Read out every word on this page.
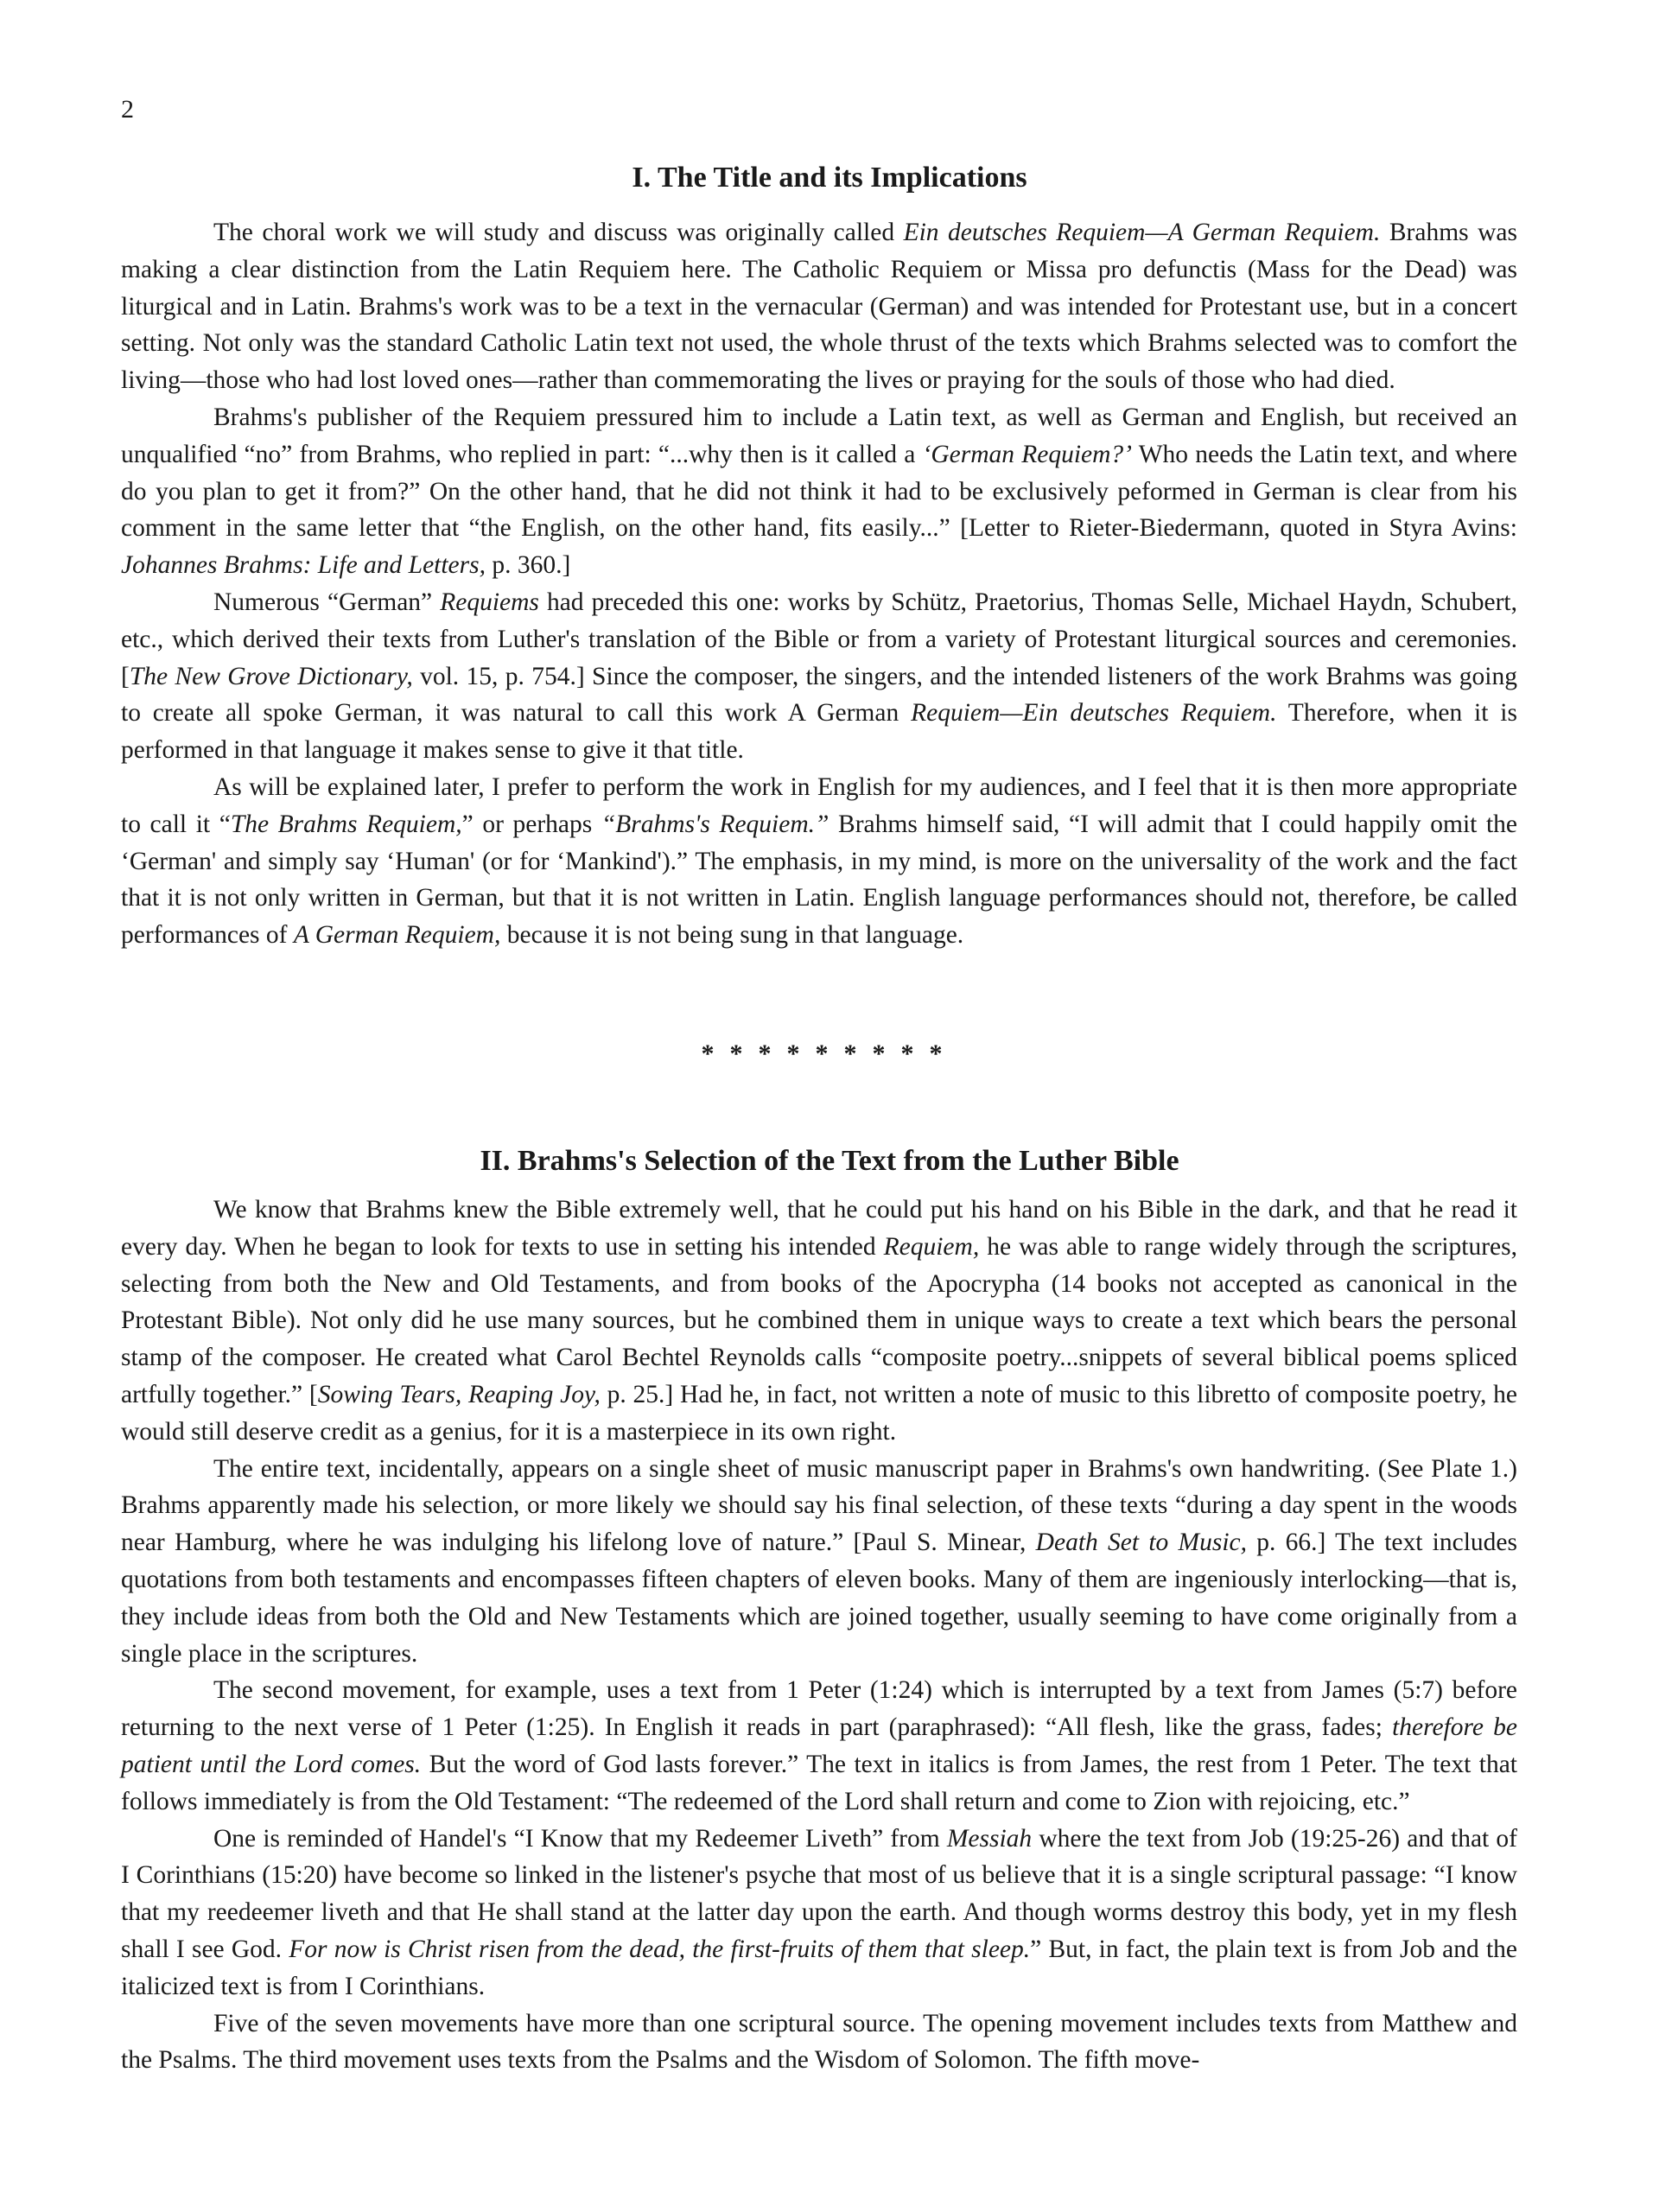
2
I. The Title and its Implications

The choral work we will study and discuss was originally called Ein deutsches Requiem—A German Requiem. Brahms was making a clear distinction from the Latin Requiem here. The Catholic Requiem or Missa pro defunctis (Mass for the Dead) was liturgical and in Latin. Brahms's work was to be a text in the vernacular (German) and was intended for Protestant use, but in a concert setting. Not only was the standard Catholic Latin text not used, the whole thrust of the texts which Brahms selected was to comfort the living—those who had lost loved ones—rather than commemorating the lives or praying for the souls of those who had died.

Brahms's publisher of the Requiem pressured him to include a Latin text, as well as German and English, but received an unqualified “no” from Brahms, who replied in part: “...why then is it called a ‘German Requiem?’ Who needs the Latin text, and where do you plan to get it from?” On the other hand, that he did not think it had to be exclusively peformed in German is clear from his comment in the same letter that “the English, on the other hand, fits easily...” [Letter to Rieter-Biedermann, quoted in Styra Avins: Johannes Brahms: Life and Letters, p. 360.]

Numerous “German” Requiems had preceded this one: works by Schütz, Praetorius, Thomas Selle, Michael Haydn, Schubert, etc., which derived their texts from Luther's translation of the Bible or from a variety of Protestant liturgical sources and ceremonies. [The New Grove Dictionary, vol. 15, p. 754.] Since the composer, the singers, and the intended listeners of the work Brahms was going to create all spoke German, it was natural to call this work A German Requiem—Ein deutsches Requiem. Therefore, when it is performed in that language it makes sense to give it that title.

As will be explained later, I prefer to perform the work in English for my audiences, and I feel that it is then more appropriate to call it “The Brahms Requiem,” or perhaps “Brahms's Requiem.” Brahms himself said, “I will admit that I could happily omit the ‘German' and simply say ‘Human' (or for ‘Mankind').” The emphasis, in my mind, is more on the universality of the work and the fact that it is not only written in German, but that it is not written in Latin. English language performances should not, therefore, be called performances of A German Requiem, because it is not being sung in that language.

*********
II. Brahms's Selection of the Text from the Luther Bible

We know that Brahms knew the Bible extremely well, that he could put his hand on his Bible in the dark, and that he read it every day. When he began to look for texts to use in setting his intended Requiem, he was able to range widely through the scriptures, selecting from both the New and Old Testaments, and from books of the Apocrypha (14 books not accepted as canonical in the Protestant Bible). Not only did he use many sources, but he combined them in unique ways to create a text which bears the personal stamp of the composer. He created what Carol Bechtel Reynolds calls “composite poetry...snippets of several biblical poems spliced artfully together.” [Sowing Tears, Reaping Joy, p. 25.] Had he, in fact, not written a note of music to this libretto of composite poetry, he would still deserve credit as a genius, for it is a masterpiece in its own right.

The entire text, incidentally, appears on a single sheet of music manuscript paper in Brahms's own handwriting. (See Plate 1.) Brahms apparently made his selection, or more likely we should say his final selection, of these texts “during a day spent in the woods near Hamburg, where he was indulging his lifelong love of nature.” [Paul S. Minear, Death Set to Music, p. 66.] The text includes quotations from both testaments and encompasses fifteen chapters of eleven books. Many of them are ingeniously interlocking—that is, they include ideas from both the Old and New Testaments which are joined together, usually seeming to have come originally from a single place in the scriptures.

The second movement, for example, uses a text from 1 Peter (1:24) which is interrupted by a text from James (5:7) before returning to the next verse of 1 Peter (1:25). In English it reads in part (paraphrased): “All flesh, like the grass, fades; therefore be patient until the Lord comes. But the word of God lasts forever.” The text in italics is from James, the rest from 1 Peter. The text that follows immediately is from the Old Testament: “The redeemed of the Lord shall return and come to Zion with rejoicing, etc.”

One is reminded of Handel's “I Know that my Redeemer Liveth” from Messiah where the text from Job (19:25-26) and that of I Corinthians (15:20) have become so linked in the listener's psyche that most of us believe that it is a single scriptural passage: “I know that my reedeemer liveth and that He shall stand at the latter day upon the earth. And though worms destroy this body, yet in my flesh shall I see God. For now is Christ risen from the dead, the first-fruits of them that sleep.” But, in fact, the plain text is from Job and the italicized text is from I Corinthians.

Five of the seven movements have more than one scriptural source. The opening movement includes texts from Matthew and the Psalms. The third movement uses texts from the Psalms and the Wisdom of Solomon. The fifth move-
